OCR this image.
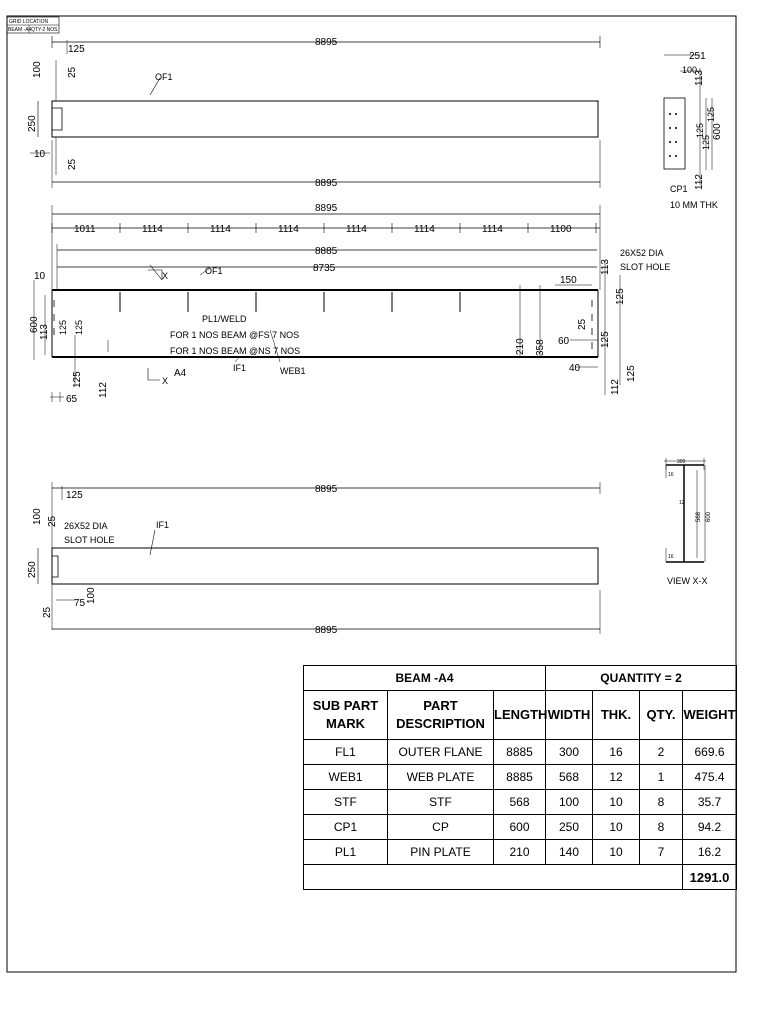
GRID LOCATION
BEAM -A4 QTY-2 NOS
8895
125
100 25
250
10
25
OF1
8895
251
100
113
125
600
125
125
112
CP1
10 MM THK
8895
1011	1114	1114	1114	1114	1114	1114	1100
8885
8735
10	OF1
X
600 113 125 125
PL1/WELD
FOR 1 NOS BEAM @FS 7 NOS
FOR 1 NOS BEAM @NS 7 NOS
125
112
IF1	WEB1
A4
X
65
150
210 358 60
40
25
125
26X52 DIA
SLOT HOLE
113
125
112
125
8895
125
100 25 26X52 DIA
SLOT HOLE
IF1
250
75 100
25
8895
300
16
12
568 600
16
VIEW X-X
BEAM -A4			QUANTITY = 2			
SUB PART MARK	PART DESCRIPTION	LENGTH	WIDTH	THK.	QTY.	WEIGHT
FL1	OUTER FLANE	8885	300	16	2	669.6
WEB1	WEB PLATE	8885	568	12	1	475.4
STF	STF	568	100	10	8	35.7
CP1	CP	600	250	10	8	94.2
PL1	PIN PLATE	210	140	10	7	16.2
						1291.0
